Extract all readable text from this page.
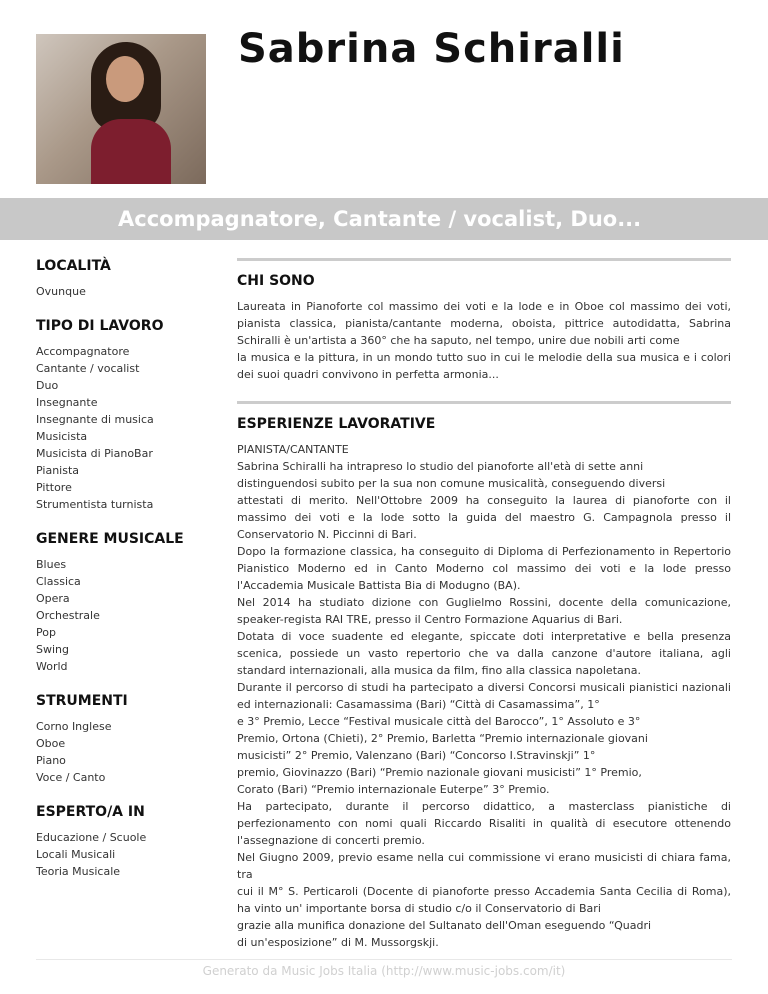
Sabrina Schiralli
Accompagnatore, Cantante / vocalist, Duo...
LOCALITÀ
Ovunque
TIPO DI LAVORO
Accompagnatore
Cantante / vocalist
Duo
Insegnante
Insegnante di musica
Musicista
Musicista di PianoBar
Pianista
Pittore
Strumentista turnista
GENERE MUSICALE
Blues
Classica
Opera
Orchestrale
Pop
Swing
World
STRUMENTI
Corno Inglese
Oboe
Piano
Voce / Canto
ESPERTO/A IN
Educazione / Scuole
Locali Musicali
Teoria Musicale
CHI SONO
Laureata in Pianoforte col massimo dei voti e la lode e in Oboe col massimo dei voti, pianista classica, pianista/cantante moderna, oboista, pittrice autodidatta, Sabrina Schiralli è un'artista a 360° che ha saputo, nel tempo, unire due nobili arti come
la musica e la pittura, in un mondo tutto suo in cui le melodie della sua musica e i colori dei suoi quadri convivono in perfetta armonia...
ESPERIENZE LAVORATIVE
PIANISTA/CANTANTE
Sabrina Schiralli ha intrapreso lo studio del pianoforte all'età di sette anni
distinguendosi subito per la sua non comune musicalità, conseguendo diversi
attestati di merito. Nell'Ottobre 2009 ha conseguito la laurea di pianoforte con il massimo dei voti e la lode sotto la guida del maestro G. Campagnola presso il Conservatorio N. Piccinni di Bari.
Dopo la formazione classica, ha conseguito di Diploma di Perfezionamento in Repertorio Pianistico Moderno ed in Canto Moderno col massimo dei voti e la lode presso l'Accademia Musicale Battista Bia di Modugno (BA).
Nel 2014 ha studiato dizione con Guglielmo Rossini, docente della comunicazione, speaker-regista RAI TRE, presso il Centro Formazione Aquarius di Bari.
Dotata di voce suadente ed elegante, spiccate doti interpretative e bella presenza scenica, possiede un vasto repertorio che va dalla canzone d'autore italiana, agli standard internazionali, alla musica da film, fino alla classica napoletana.
Durante il percorso di studi ha partecipato a diversi Concorsi musicali pianistici nazionali ed internazionali: Casamassima (Bari) “Città di Casamassima”, 1°
e 3° Premio, Lecce “Festival musicale città del Barocco”, 1° Assoluto e 3°
Premio, Ortona (Chieti), 2° Premio, Barletta “Premio internazionale giovani
musicisti” 2° Premio, Valenzano (Bari) “Concorso I.Stravinskji” 1°
premio, Giovinazzo (Bari) “Premio nazionale giovani musicisti” 1° Premio,
Corato (Bari) “Premio internazionale Euterpe” 3° Premio.
Ha partecipato, durante il percorso didattico, a masterclass pianistiche di perfezionamento con nomi quali Riccardo Risaliti in qualità di esecutore ottenendo l'assegnazione di concerti premio.
Nel Giugno 2009, previo esame nella cui commissione vi erano musicisti di chiara fama, tra
cui il M° S. Perticaroli (Docente di pianoforte presso Accademia Santa Cecilia di Roma), ha vinto un' importante borsa di studio c/o il Conservatorio di Bari
grazie alla munifica donazione del Sultanato dell'Oman eseguendo “Quadri
di un'esposizione” di M. Mussorgskji.
Generato da Music Jobs Italia (http://www.music-jobs.com/it)
